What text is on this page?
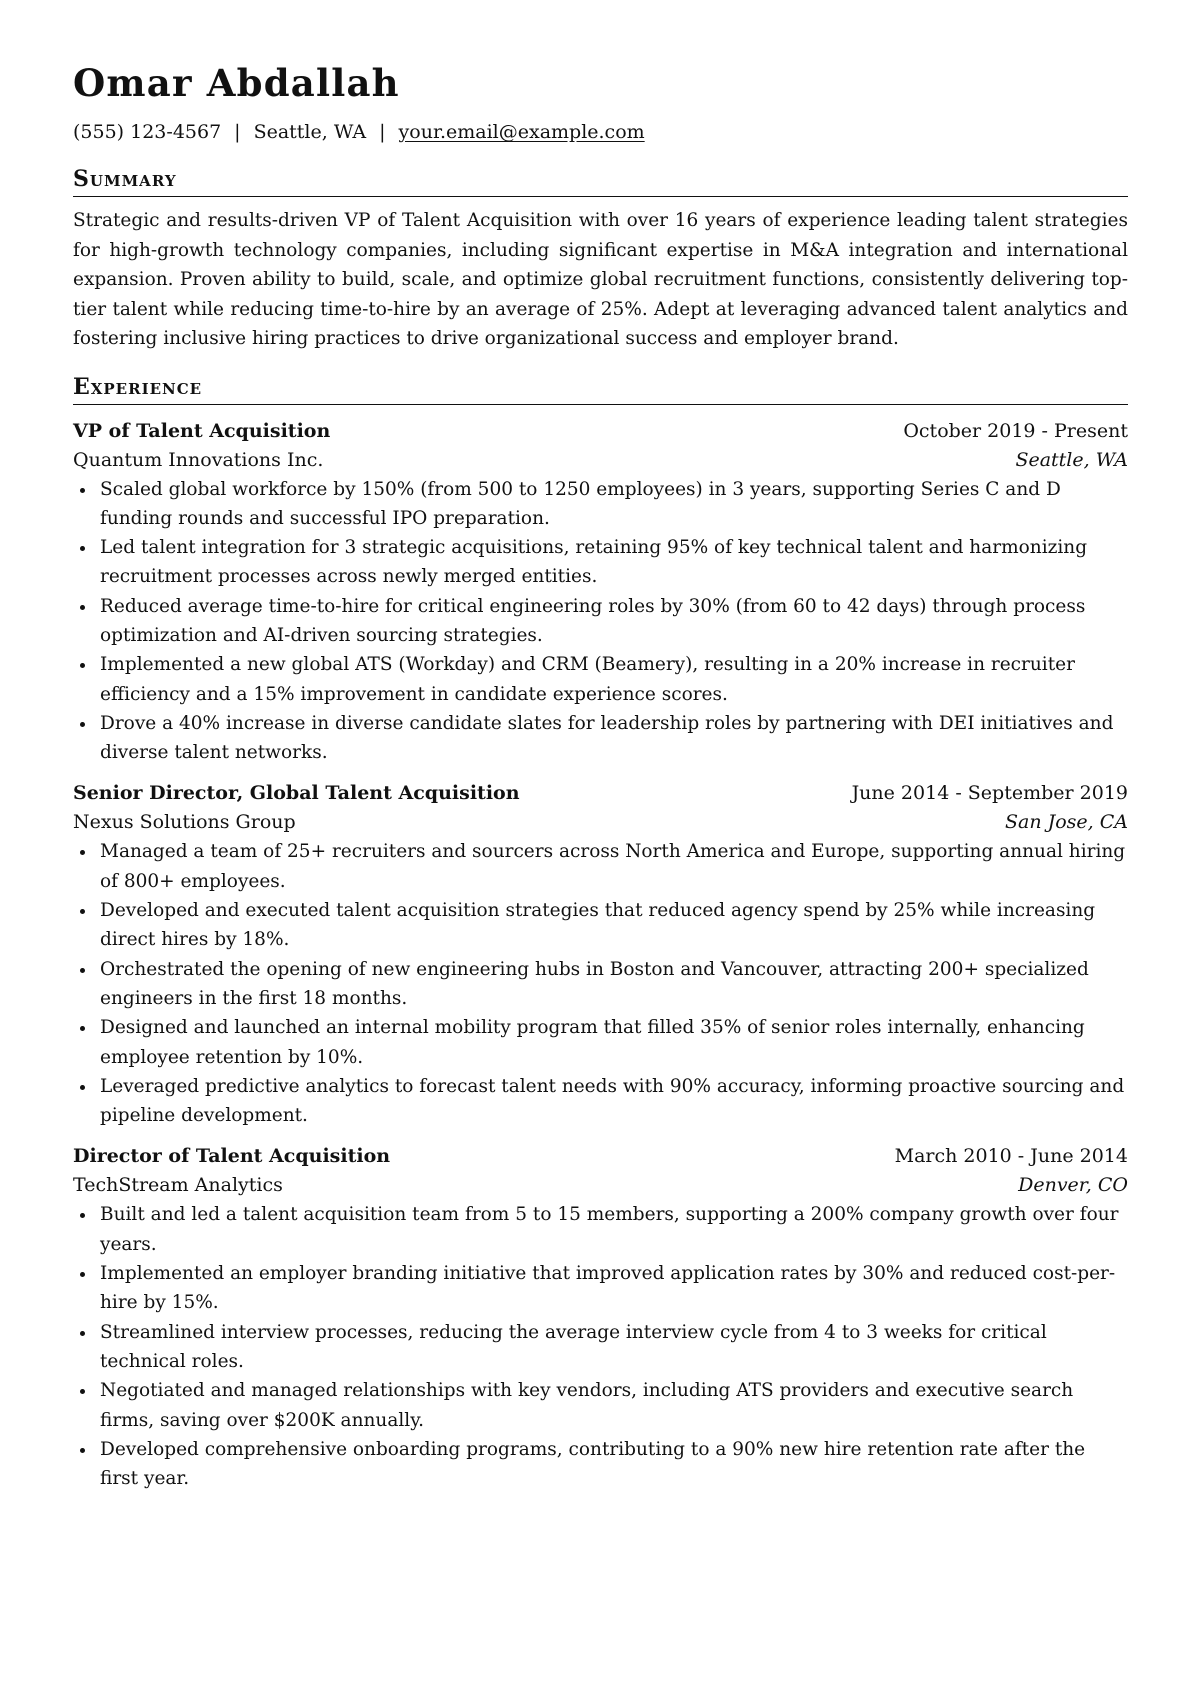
Omar Abdallah
(555) 123-4567 | Seattle, WA | your.email@example.com
Summary
Strategic and results-driven VP of Talent Acquisition with over 16 years of experience leading talent strategies for high-growth technology companies, including significant expertise in M&A integration and international expansion. Proven ability to build, scale, and optimize global recruitment functions, consistently delivering top-tier talent while reducing time-to-hire by an average of 25%. Adept at leveraging advanced talent analytics and fostering inclusive hiring practices to drive organizational success and employer brand.
Experience
VP of Talent Acquisition	October 2019 - Present
Quantum Innovations Inc.	Seattle, WA
Scaled global workforce by 150% (from 500 to 1250 employees) in 3 years, supporting Series C and D funding rounds and successful IPO preparation.
Led talent integration for 3 strategic acquisitions, retaining 95% of key technical talent and harmonizing recruitment processes across newly merged entities.
Reduced average time-to-hire for critical engineering roles by 30% (from 60 to 42 days) through process optimization and AI-driven sourcing strategies.
Implemented a new global ATS (Workday) and CRM (Beamery), resulting in a 20% increase in recruiter efficiency and a 15% improvement in candidate experience scores.
Drove a 40% increase in diverse candidate slates for leadership roles by partnering with DEI initiatives and diverse talent networks.
Senior Director, Global Talent Acquisition	June 2014 - September 2019
Nexus Solutions Group	San Jose, CA
Managed a team of 25+ recruiters and sourcers across North America and Europe, supporting annual hiring of 800+ employees.
Developed and executed talent acquisition strategies that reduced agency spend by 25% while increasing direct hires by 18%.
Orchestrated the opening of new engineering hubs in Boston and Vancouver, attracting 200+ specialized engineers in the first 18 months.
Designed and launched an internal mobility program that filled 35% of senior roles internally, enhancing employee retention by 10%.
Leveraged predictive analytics to forecast talent needs with 90% accuracy, informing proactive sourcing and pipeline development.
Director of Talent Acquisition	March 2010 - June 2014
TechStream Analytics	Denver, CO
Built and led a talent acquisition team from 5 to 15 members, supporting a 200% company growth over four years.
Implemented an employer branding initiative that improved application rates by 30% and reduced cost-per-hire by 15%.
Streamlined interview processes, reducing the average interview cycle from 4 to 3 weeks for critical technical roles.
Negotiated and managed relationships with key vendors, including ATS providers and executive search firms, saving over $200K annually.
Developed comprehensive onboarding programs, contributing to a 90% new hire retention rate after the first year.
